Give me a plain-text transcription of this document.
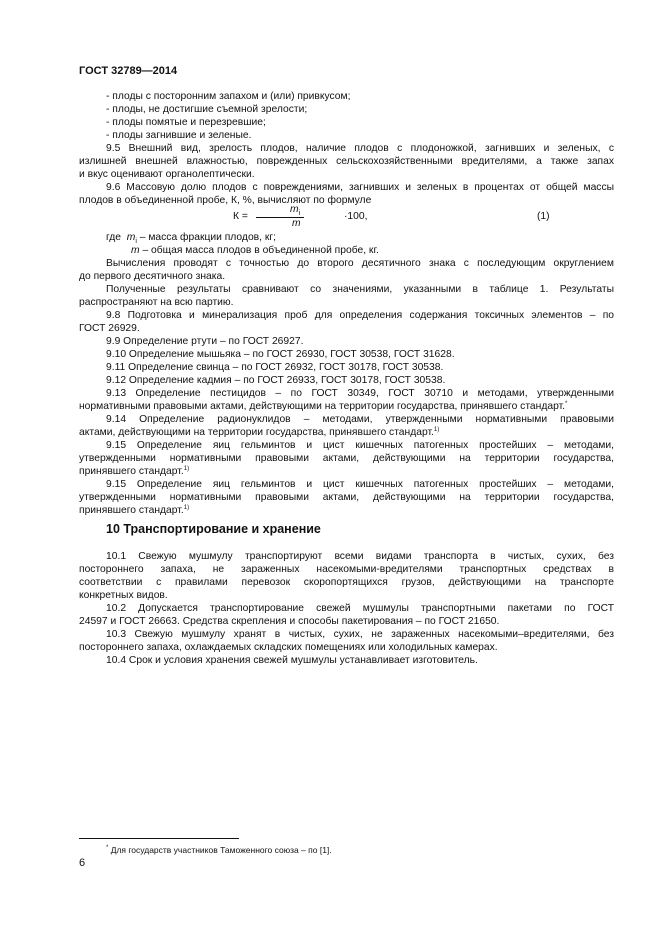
ГОСТ 32789—2014
- плоды с посторонним запахом и (или) привкусом;
- плоды, не достигшие съемной зрелости;
- плоды помятые и перезревшие;
- плоды загнившие и зеленые.
9.5 Внешний вид, зрелость плодов, наличие плодов с плодоножкой, загнивших и зеленых, с
излишней внешней влажностью, поврежденных сельскохозяйственными вредителями, а также запах
и вкус оценивают органолептически.
9.6 Массовую долю плодов с повреждениями, загнивших и зеленых в процентах от общей массы
плодов в объединенной пробе, К, %, вычисляют по формуле
К =
$m_i$
m
·100,	(1)
где $m_i$ – масса фракции плодов, кг;
m – общая масса плодов в объединенной пробе, кг.
Вычисления проводят с точностью до второго десятичного знака с последующим округлением
до первого десятичного знака.
Полученные результаты сравнивают со значениями, указанными в таблице 1. Результаты
распространяют на всю партию.
9.8 Подготовка и минерализация проб для определения содержания токсичных элементов – по
ГОСТ 26929.
9.9 Определение ртути – по ГОСТ 26927.
9.10 Определение мышьяка – по ГОСТ 26930, ГОСТ 30538, ГОСТ 31628.
9.11 Определение свинца – по ГОСТ 26932, ГОСТ 30178, ГОСТ 30538.
9.12 Определение кадмия – по ГОСТ 26933, ГОСТ 30178, ГОСТ 30538.
9.13 Определение пестицидов – по ГОСТ 30349, ГОСТ 30710 и методами, утвержденными
нормативными правовыми актами, действующими на территории государства, принявшего стандарт.*
9.14 Определение радионуклидов – методами, утвержденными нормативными правовыми
актами, действующими на территории государства, принявшего стандарт.$^{1)}$
9.15 Определение яиц гельминтов и цист кишечных патогенных простейших – методами,
утвержденными нормативными правовыми актами, действующими на территории государства,
принявшего стандарт.$^{1)}$
9.15 Определение яиц гельминтов и цист кишечных патогенных простейших – методами,
утвержденными нормативными правовыми актами, действующими на территории государства,
принявшего стандарт.$^{1)}$
10 Транспортирование и хранение
10.1 Свежую мушмулу транспортируют всеми видами транспорта в чистых, сухих, без
постороннего запаха, не зараженных насекомыми-вредителями транспортных средствах в
соответствии с правилами перевозок скоропортящихся грузов, действующими на транспорте
конкретных видов.
10.2 Допускается транспортирование свежей мушмулы транспортными пакетами по ГОСТ
24597 и ГОСТ 26663. Средства скрепления и способы пакетирования – по ГОСТ 21650.
10.3 Свежую мушмулу хранят в чистых, сухих, не зараженных насекомыми–вредителями, без
постороннего запаха, охлаждаемых складских помещениях или холодильных камерах.
10.4 Срок и условия хранения свежей мушмулы устанавливает изготовитель.
* Для государств участников Таможенного союза – по [1].
6
